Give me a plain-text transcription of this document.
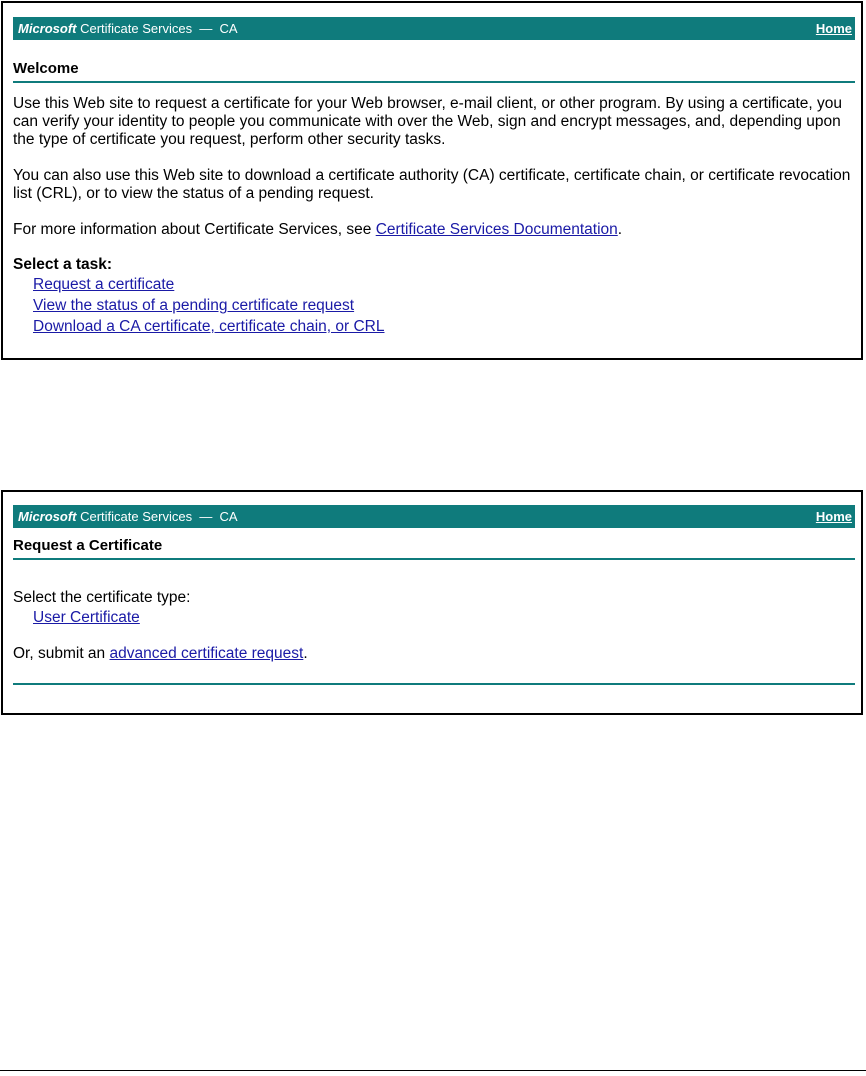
Microsoft Certificate Services  —  CA	Home
Welcome

Use this Web site to request a certificate for your Web browser, e-mail client, or other program. By using a certificate, you can verify your identity to people you communicate with over the Web, sign and encrypt messages, and, depending upon the type of certificate you request, perform other security tasks.

You can also use this Web site to download a certificate authority (CA) certificate, certificate chain, or certificate revocation list (CRL), or to view the status of a pending request.

For more information about Certificate Services, see Certificate Services Documentation.

Select a task:
Request a certificate
View the status of a pending certificate request
Download a CA certificate, certificate chain, or CRL
Microsoft Certificate Services  —  CA	Home
Request a Certificate
Select the certificate type:
User Certificate

Or, submit an advanced certificate request.
